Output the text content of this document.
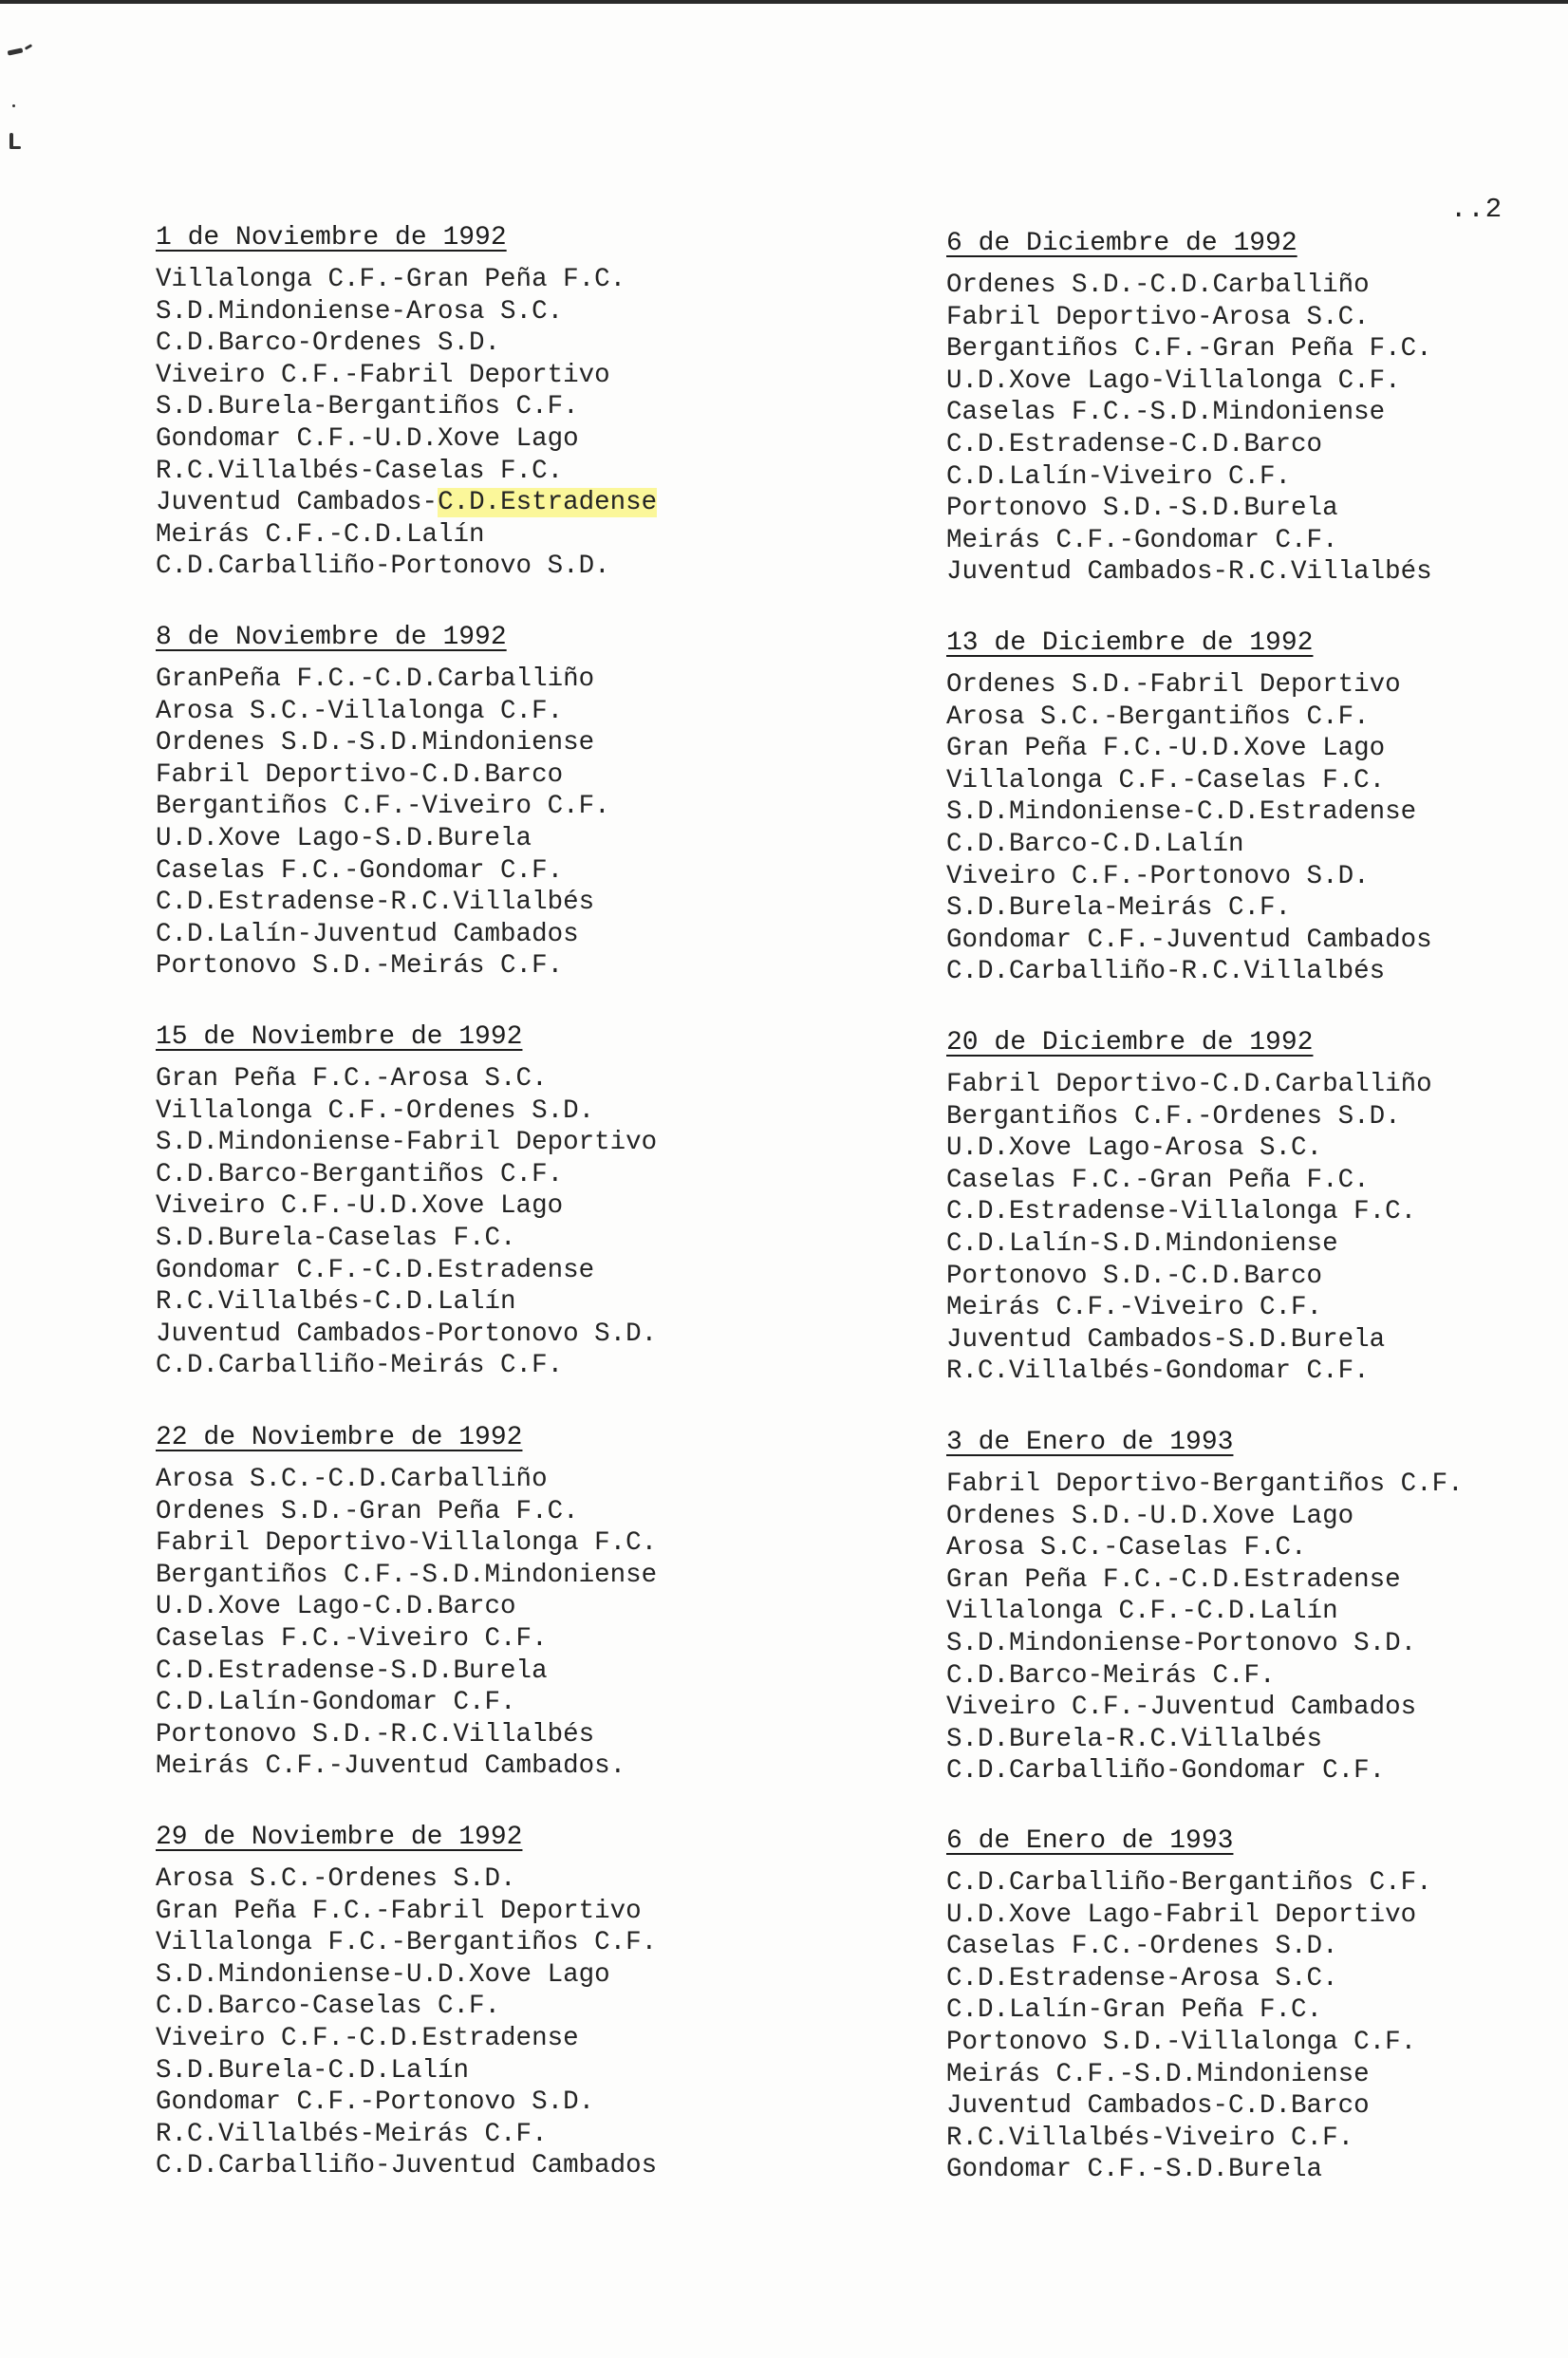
..2
1 de Noviembre de 1992
Villalonga C.F.-Gran Peña F.C.
S.D.Mindoniense-Arosa S.C.
C.D.Barco-Ordenes S.D.
Viveiro C.F.-Fabril Deportivo
S.D.Burela-Bergantiños C.F.
Gondomar C.F.-U.D.Xove Lago
R.C.Villalbés-Caselas F.C.
Juventud Cambados-C.D.Estradense
Meirás C.F.-C.D.Lalín
C.D.Carballiño-Portonovo S.D.
8 de Noviembre de 1992
GranPeña F.C.-C.D.Carballiño
Arosa S.C.-Villalonga C.F.
Ordenes S.D.-S.D.Mindoniense
Fabril Deportivo-C.D.Barco
Bergantiños C.F.-Viveiro C.F.
U.D.Xove Lago-S.D.Burela
Caselas F.C.-Gondomar C.F.
C.D.Estradense-R.C.Villalbés
C.D.Lalín-Juventud Cambados
Portonovo S.D.-Meirás C.F.
15 de Noviembre de 1992
Gran Peña F.C.-Arosa S.C.
Villalonga C.F.-Ordenes S.D.
S.D.Mindoniense-Fabril Deportivo
C.D.Barco-Bergantiños C.F.
Viveiro C.F.-U.D.Xove Lago
S.D.Burela-Caselas F.C.
Gondomar C.F.-C.D.Estradense
R.C.Villalbés-C.D.Lalín
Juventud Cambados-Portonovo S.D.
C.D.Carballiño-Meirás C.F.
22 de Noviembre de 1992
Arosa S.C.-C.D.Carballiño
Ordenes S.D.-Gran Peña F.C.
Fabril Deportivo-Villalonga F.C.
Bergantiños C.F.-S.D.Mindoniense
U.D.Xove Lago-C.D.Barco
Caselas F.C.-Viveiro C.F.
C.D.Estradense-S.D.Burela
C.D.Lalín-Gondomar C.F.
Portonovo S.D.-R.C.Villalbés
Meirás C.F.-Juventud Cambados.
29 de Noviembre de 1992
Arosa S.C.-Ordenes S.D.
Gran Peña F.C.-Fabril Deportivo
Villalonga F.C.-Bergantiños C.F.
S.D.Mindoniense-U.D.Xove Lago
C.D.Barco-Caselas C.F.
Viveiro C.F.-C.D.Estradense
S.D.Burela-C.D.Lalín
Gondomar C.F.-Portonovo S.D.
R.C.Villalbés-Meirás C.F.
C.D.Carballiño-Juventud Cambados
6 de Diciembre de 1992
Ordenes S.D.-C.D.Carballiño
Fabril Deportivo-Arosa S.C.
Bergantiños C.F.-Gran Peña F.C.
U.D.Xove Lago-Villalonga C.F.
Caselas F.C.-S.D.Mindoniense
C.D.Estradense-C.D.Barco
C.D.Lalín-Viveiro C.F.
Portonovo S.D.-S.D.Burela
Meirás C.F.-Gondomar C.F.
Juventud Cambados-R.C.Villalbés
13 de Diciembre de 1992
Ordenes S.D.-Fabril Deportivo
Arosa S.C.-Bergantiños C.F.
Gran Peña F.C.-U.D.Xove Lago
Villalonga C.F.-Caselas F.C.
S.D.Mindoniense-C.D.Estradense
C.D.Barco-C.D.Lalín
Viveiro C.F.-Portonovo S.D.
S.D.Burela-Meirás C.F.
Gondomar C.F.-Juventud Cambados
C.D.Carballiño-R.C.Villalbés
20 de Diciembre de 1992
Fabril Deportivo-C.D.Carballiño
Bergantiños C.F.-Ordenes S.D.
U.D.Xove Lago-Arosa S.C.
Caselas F.C.-Gran Peña F.C.
C.D.Estradense-Villalonga F.C.
C.D.Lalín-S.D.Mindoniense
Portonovo S.D.-C.D.Barco
Meirás C.F.-Viveiro C.F.
Juventud Cambados-S.D.Burela
R.C.Villalbés-Gondomar C.F.
3 de Enero de 1993
Fabril Deportivo-Bergantiños C.F.
Ordenes S.D.-U.D.Xove Lago
Arosa S.C.-Caselas F.C.
Gran Peña F.C.-C.D.Estradense
Villalonga C.F.-C.D.Lalín
S.D.Mindoniense-Portonovo S.D.
C.D.Barco-Meirás C.F.
Viveiro C.F.-Juventud Cambados
S.D.Burela-R.C.Villalbés
C.D.Carballiño-Gondomar C.F.
6 de Enero de 1993
C.D.Carballiño-Bergantiños C.F.
U.D.Xove Lago-Fabril Deportivo
Caselas F.C.-Ordenes S.D.
C.D.Estradense-Arosa S.C.
C.D.Lalín-Gran Peña F.C.
Portonovo S.D.-Villalonga C.F.
Meirás C.F.-S.D.Mindoniense
Juventud Cambados-C.D.Barco
R.C.Villalbés-Viveiro C.F.
Gondomar C.F.-S.D.Burela
